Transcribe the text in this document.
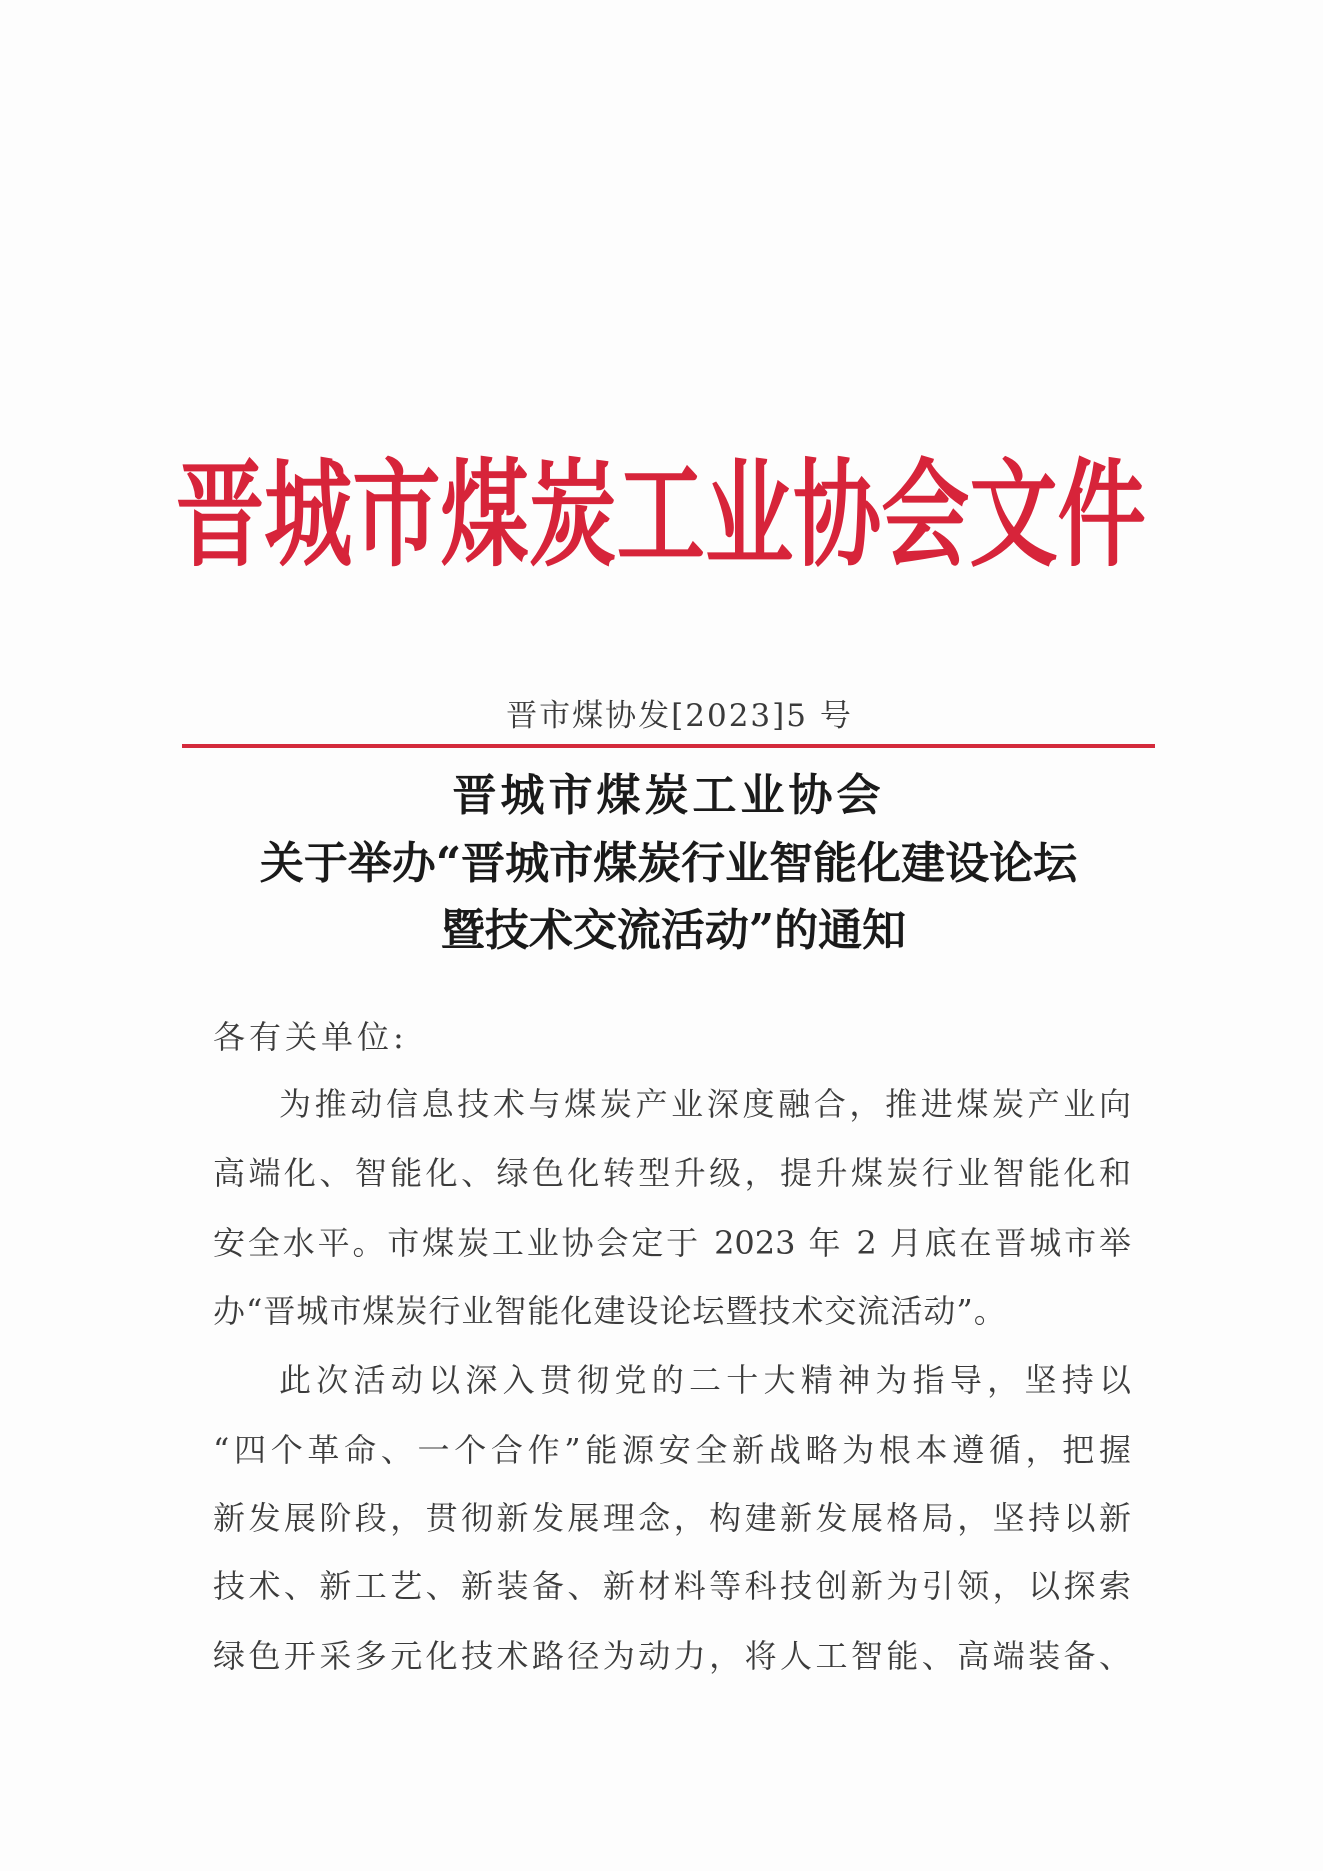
晋城市煤炭工业协会文件
晋市煤协发[2023]5 号
晋城市煤炭工业协会
关于举办“晋城市煤炭行业智能化建设论坛
暨技术交流活动”的通知
各有关单位:
为推动信息技术与煤炭产业深度融合，推进煤炭产业向
高端化、智能化、绿色化转型升级，提升煤炭行业智能化和
安全水平。市煤炭工业协会定于 2023 年 2 月底在晋城市举
办“晋城市煤炭行业智能化建设论坛暨技术交流活动”。
此次活动以深入贯彻党的二十大精神为指导，坚持以
“四个革命、一个合作”能源安全新战略为根本遵循，把握
新发展阶段，贯彻新发展理念，构建新发展格局，坚持以新
技术、新工艺、新装备、新材料等科技创新为引领，以探索
绿色开采多元化技术路径为动力，将人工智能、高端装备、
